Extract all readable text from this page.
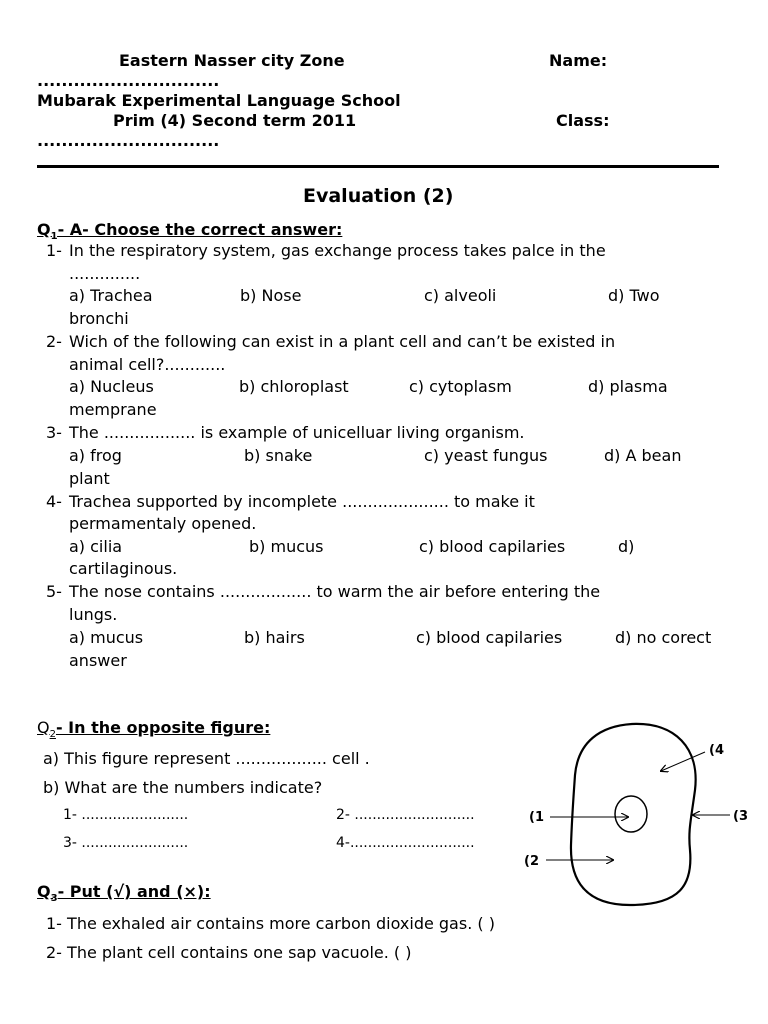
Eastern Nasser city Zone	Name:
..............................
Mubarak Experimental Language School
Prim (4) Second term 2011	Class:
..............................
Evaluation (2)
$Q_1-$ A- Choose the correct answer:
1- In the respiratory system, gas exchange process takes palce in the
..............
a) Trachea	b) Nose	c) alveoli	d) Two
bronchi
2- Wich of the following can exist in a plant cell and can’t be existed in
animal cell?............
a) Nucleus	b) chloroplast	c) cytoplasm	d) plasma
memprane
3- The .................. is example of unicelluar living organism.
a) frog	b) snake	c) yeast fungus	d) A bean
plant
4- Trachea supported by incomplete ..................... to make it
permamentaly opened.
a) cilia	b) mucus	c) blood capilaries	d)
cartilaginous.
5- The nose contains .................. to warm the air before entering the
lungs.
a) mucus	b) hairs	c) blood capilaries	d) no corect
answer
$Q_2-$ In the opposite figure:
a) This figure represent .................. cell .
b) What are the numbers indicate?
1- ........................	2- ...........................
3- ........................	4-............................
(1
(2
(3
(4
$Q_3-$ Put (√) and (×):
1- The exhaled air contains more carbon dioxide gas. ( )
2- The plant cell contains one sap vacuole. ( )
